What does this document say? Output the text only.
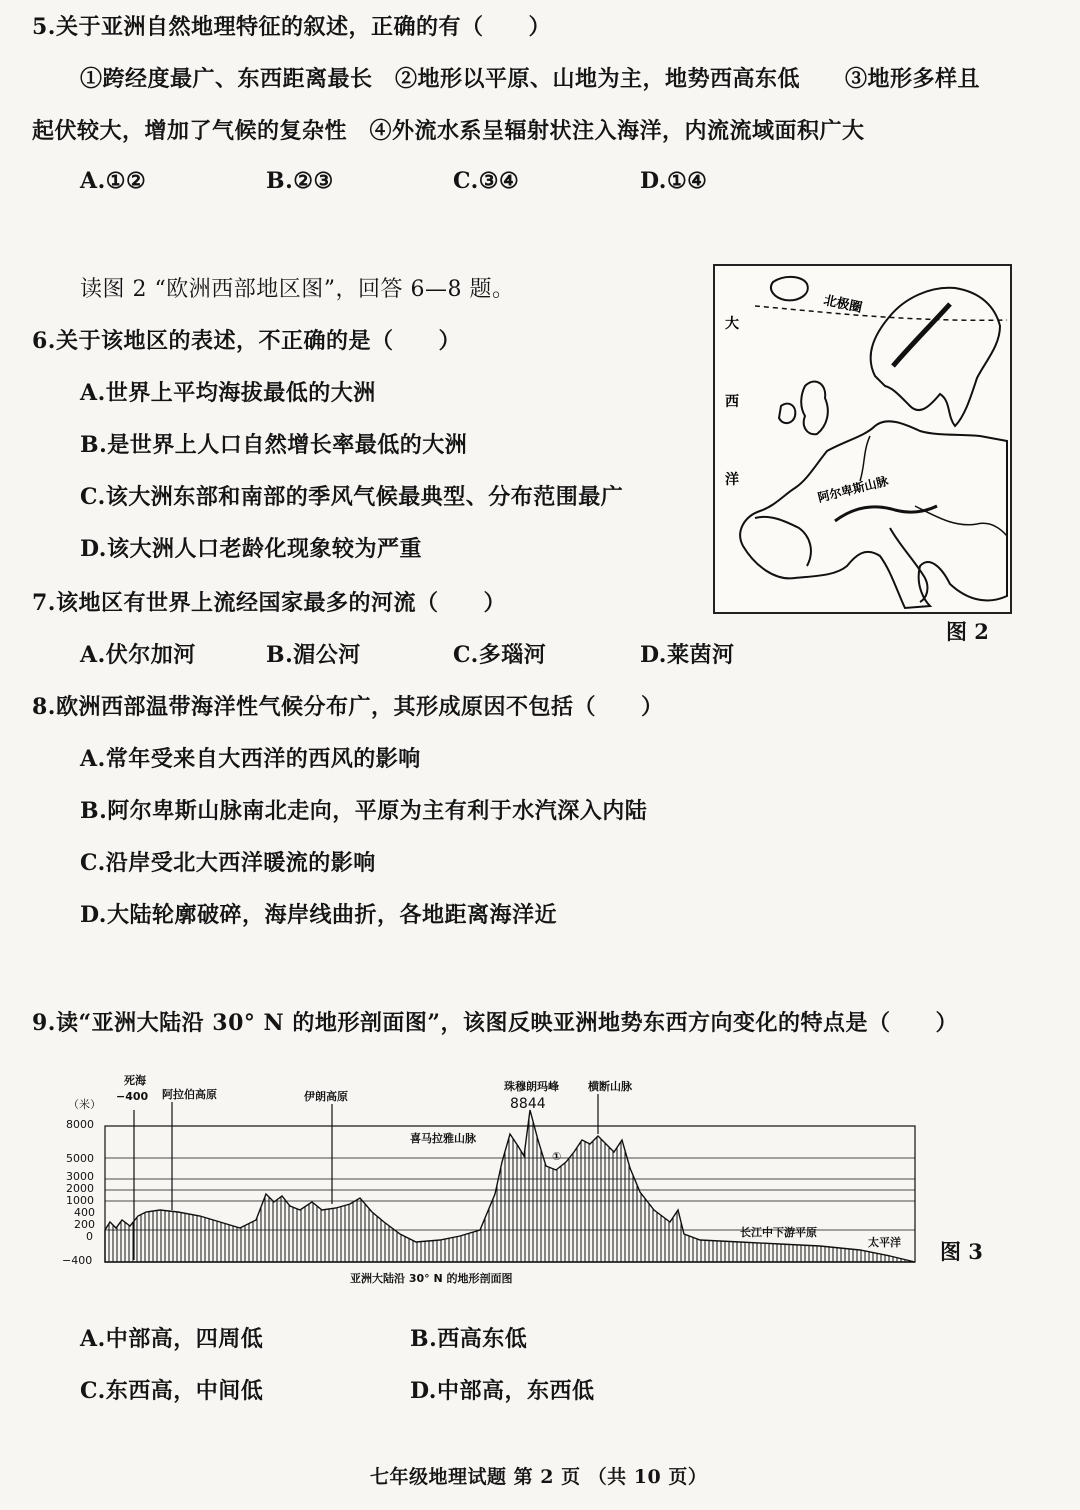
5.关于亚洲自然地理特征的叙述，正确的有（　　）
①跨经度最广、东西距离最长　②地形以平原、山地为主，地势西高东低　　③地形多样且
起伏较大，增加了气候的复杂性　④外流水系呈辐射状注入海洋，内流流域面积广大
A.①②	B.②③	C.③④	D.①④
读图 2 “欧洲西部地区图”，回答 6—8 题。
6.关于该地区的表述，不正确的是（　　）
A.世界上平均海拔最低的大洲
B.是世界上人口自然增长率最低的大洲
C.该大洲东部和南部的季风气候最典型、分布范围最广
D.该大洲人口老龄化现象较为严重
北极圈
阿尔卑斯山脉
大
西
洋
图 2
7.该地区有世界上流经国家最多的河流（　　）
A.伏尔加河	B.湄公河	C.多瑙河	D.莱茵河
8.欧洲西部温带海洋性气候分布广，其形成原因不包括（　　）
A.常年受来自大西洋的西风的影响
B.阿尔卑斯山脉南北走向，平原为主有利于水汽深入内陆
C.沿岸受北大西洋暖流的影响
D.大陆轮廓破碎，海岸线曲折，各地距离海洋近
9.读“亚洲大陆沿 30° N 的地形剖面图”，该图反映亚洲地势东西方向变化的特点是（　　）
（米）
8000
5000
3000
2000
1000
400
200
0
−400
死海
−400 阿拉伯高原	伊朗高原
珠穆朗玛峰
8844
横断山脉
喜马拉雅山脉
①
长江中下游平原
太平洋
亚洲大陆沿 30° N 的地形剖面图
图 3
A.中部高，四周低	B.西高东低
C.东西高，中间低	D.中部高，东西低
七年级地理试题 第 2 页 （共 10 页）
